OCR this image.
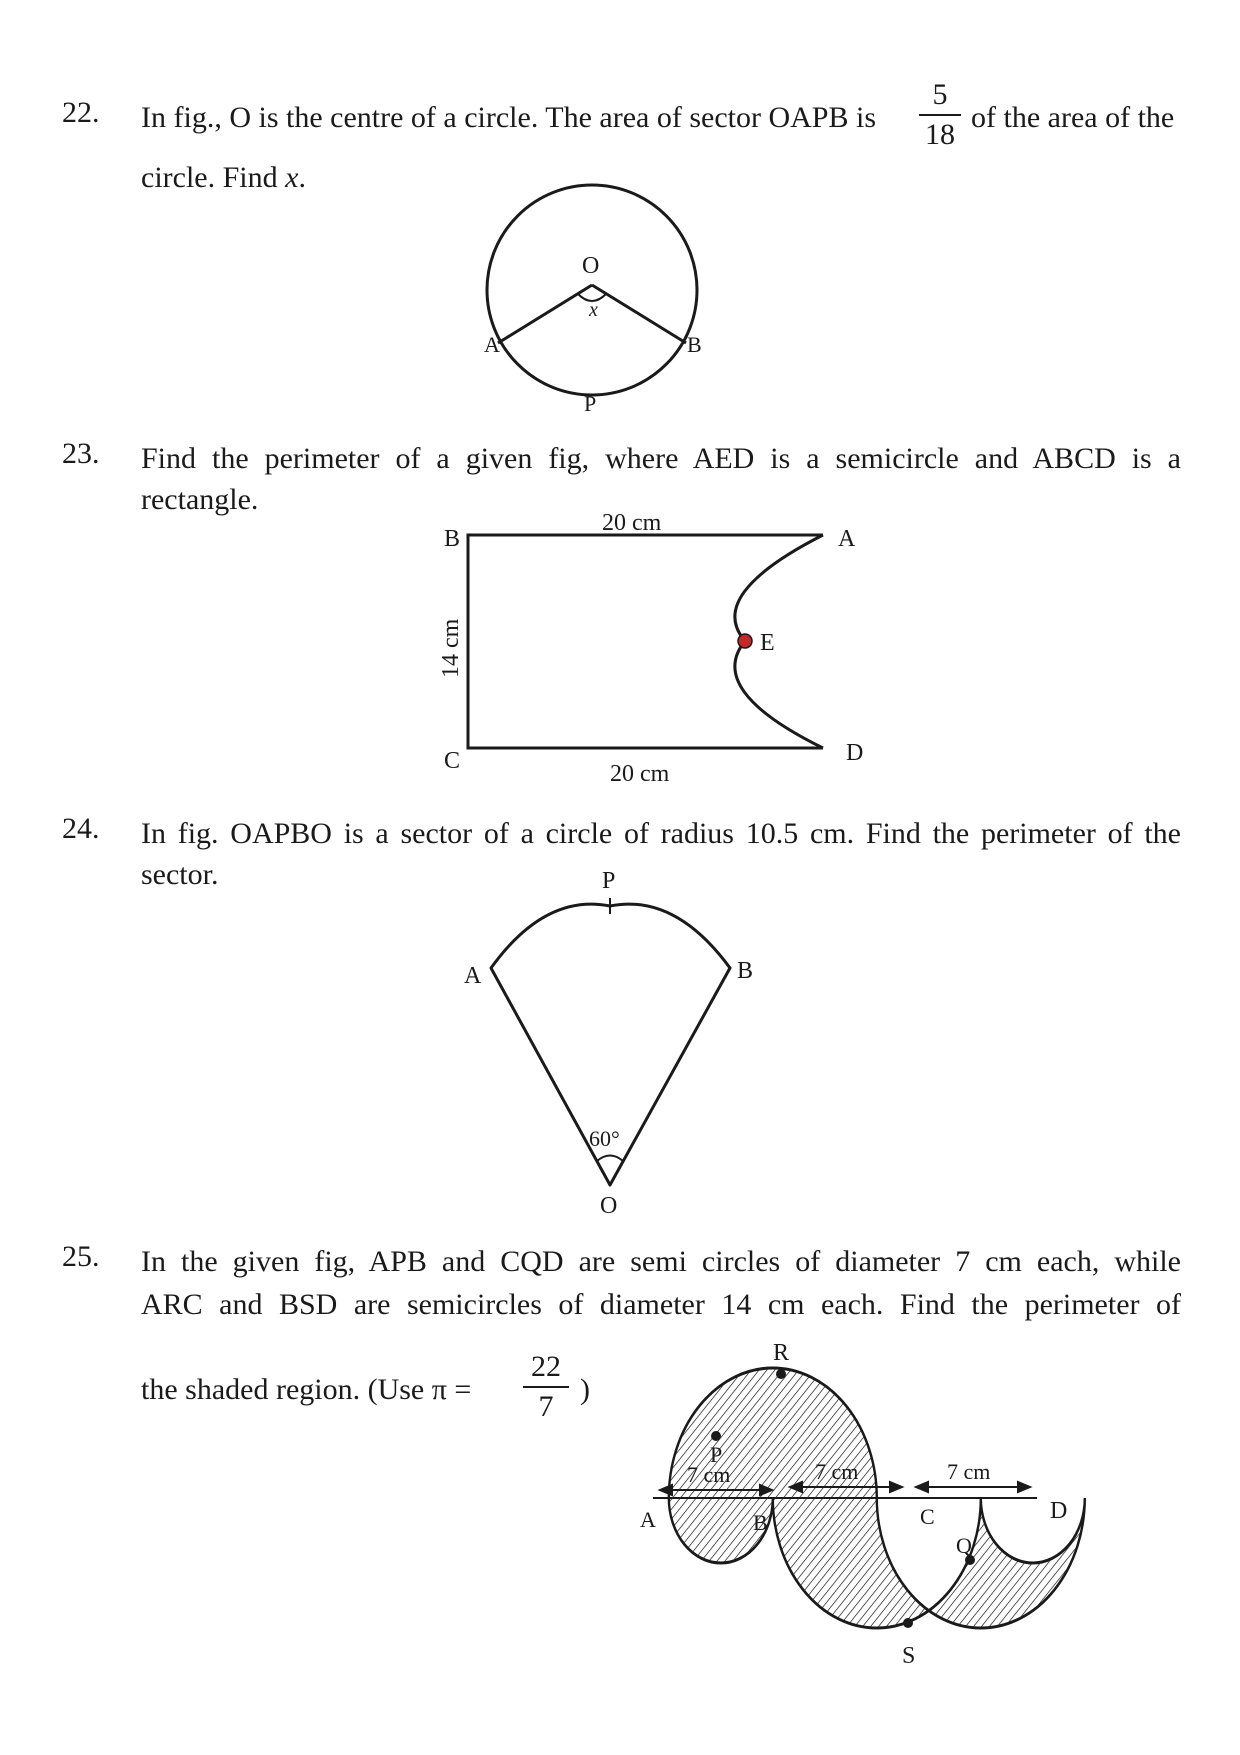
22. In fig., O is the centre of a circle. The area of sector OAPB is
5
18
of the area of the
circle. Find x.
O
x
A	B
P
20 cm
20 cm
14 cm
B	A
E
C	D
P
A	B
60°
O
7 cm	7 cm	7 cm
R
P
A	B	C	D
Q
S
23. Find the perimeter of a given fig, where AED is a semicircle and ABCD is a
rectangle.
24. In fig. OAPBO is a sector of a circle of radius 10.5 cm. Find the perimeter of the
sector.
25. In the given fig, APB and CQD are semi circles of diameter 7 cm each, while
ARC and BSD are semicircles of diameter 14 cm each. Find the perimeter of
the shaded region. (Use π =
22
7
)
